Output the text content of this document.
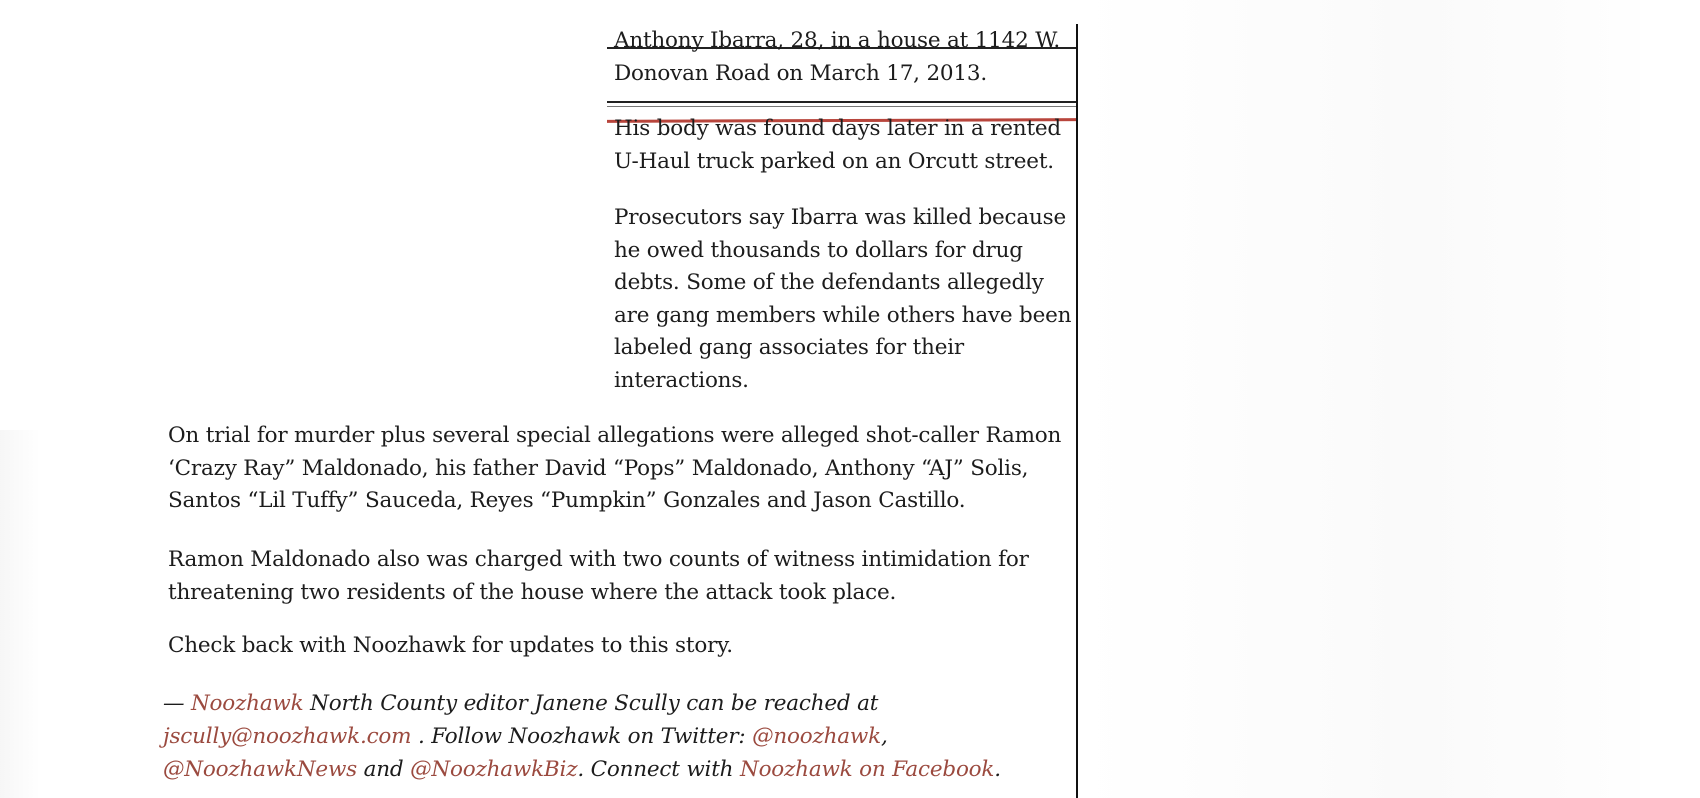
Anthony Ibarra, 28, in a house at 1142 W.
Donovan Road on March 17, 2013.

His body was found days later in a rented
U-Haul truck parked on an Orcutt street.

Prosecutors say Ibarra was killed because
he owed thousands to dollars for drug
debts. Some of the defendants allegedly
are gang members while others have been
labeled gang associates for their
interactions.

On trial for murder plus several special allegations were alleged shot-caller Ramon
‘Crazy Ray” Maldonado, his father David “Pops” Maldonado, Anthony “AJ” Solis,
Santos “Lil Tuffy” Sauceda, Reyes “Pumpkin” Gonzales and Jason Castillo.

Ramon Maldonado also was charged with two counts of witness intimidation for
threatening two residents of the house where the attack took place.

Check back with Noozhawk for updates to this story.

— Noozhawk North County editor Janene Scully can be reached at
jscully@noozhawk.com . Follow Noozhawk on Twitter: @noozhawk,
@NoozhawkNews and @NoozhawkBiz. Connect with Noozhawk on Facebook.
